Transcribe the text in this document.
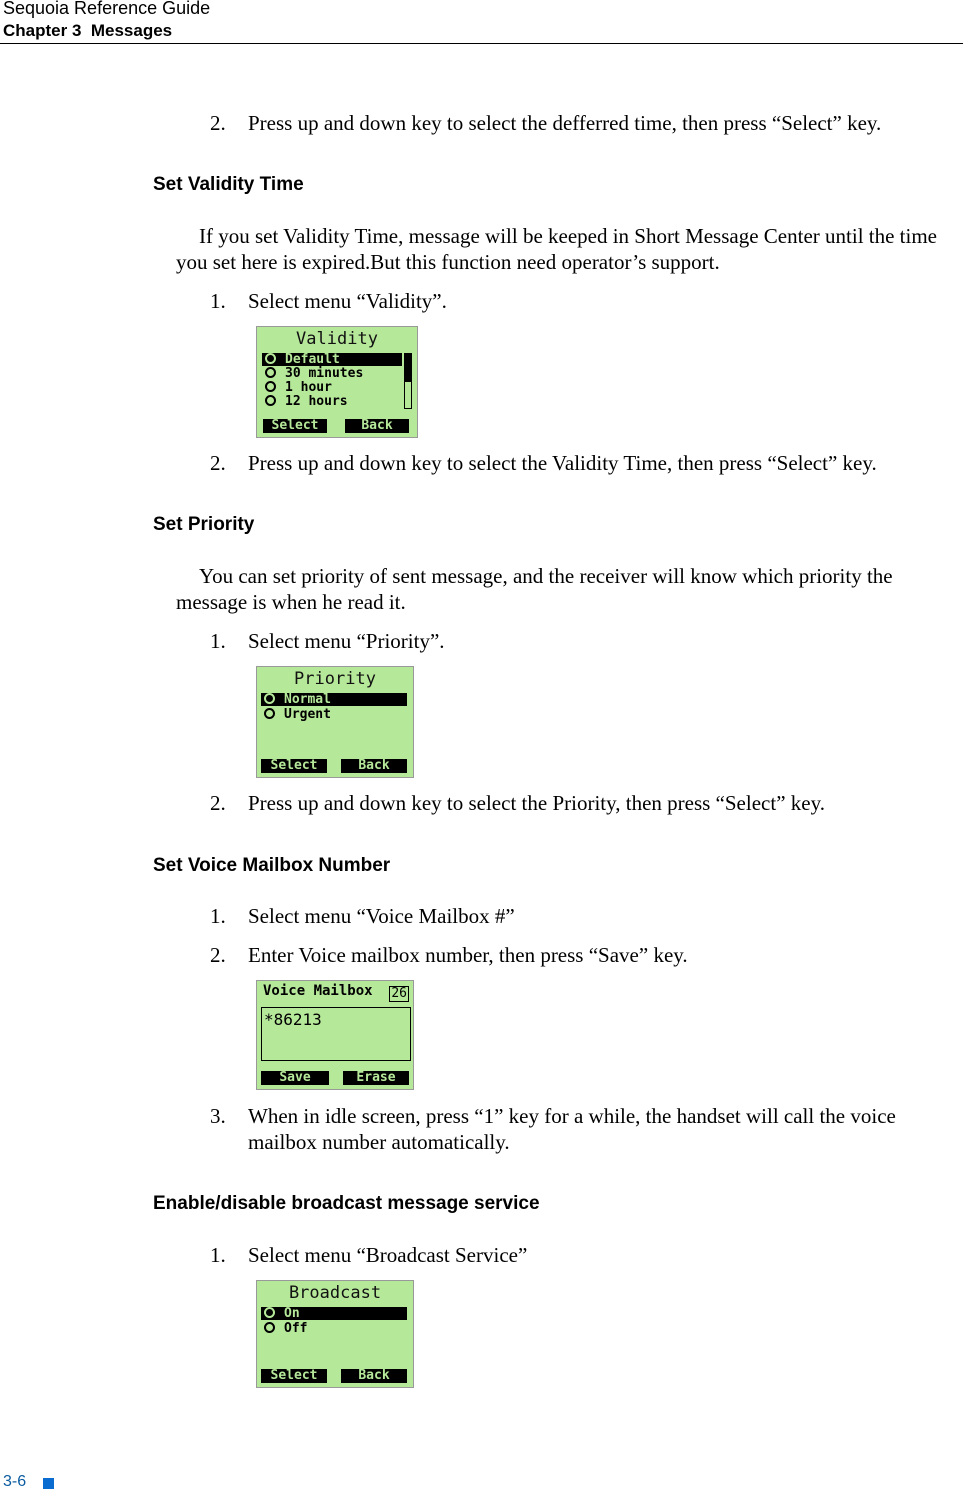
Sequoia Reference Guide
Chapter 3  Messages
2. Press up and down key to select the defferred time, then press “Select” key.
Set Validity Time
If you set Validity Time, message will be keeped in Short Message Center until the time you set here is expired.But this function need operator’s support.
1. Select menu “Validity”.
Validity
Default
30 minutes
1 hour
12 hours
Select	Back
2. Press up and down key to select the Validity Time, then press “Select” key.
Set Priority
You can set priority of sent message, and the receiver will know which priority the message is when he read it.
1. Select menu “Priority”.
Priority
Normal
Urgent
Select	Back
2. Press up and down key to select the Priority, then press “Select” key.
Set Voice Mailbox Number
1. Select menu “Voice Mailbox #”
2. Enter Voice mailbox number, then press “Save” key.
Voice Mailbox 26
*86213
Save	Erase
3. When in idle screen, press “1” key for a while, the handset will call the voice mailbox number automatically.
Enable/disable broadcast message service
1. Select menu “Broadcast Service”
Broadcast
On
Off
Select	Back
3-6
